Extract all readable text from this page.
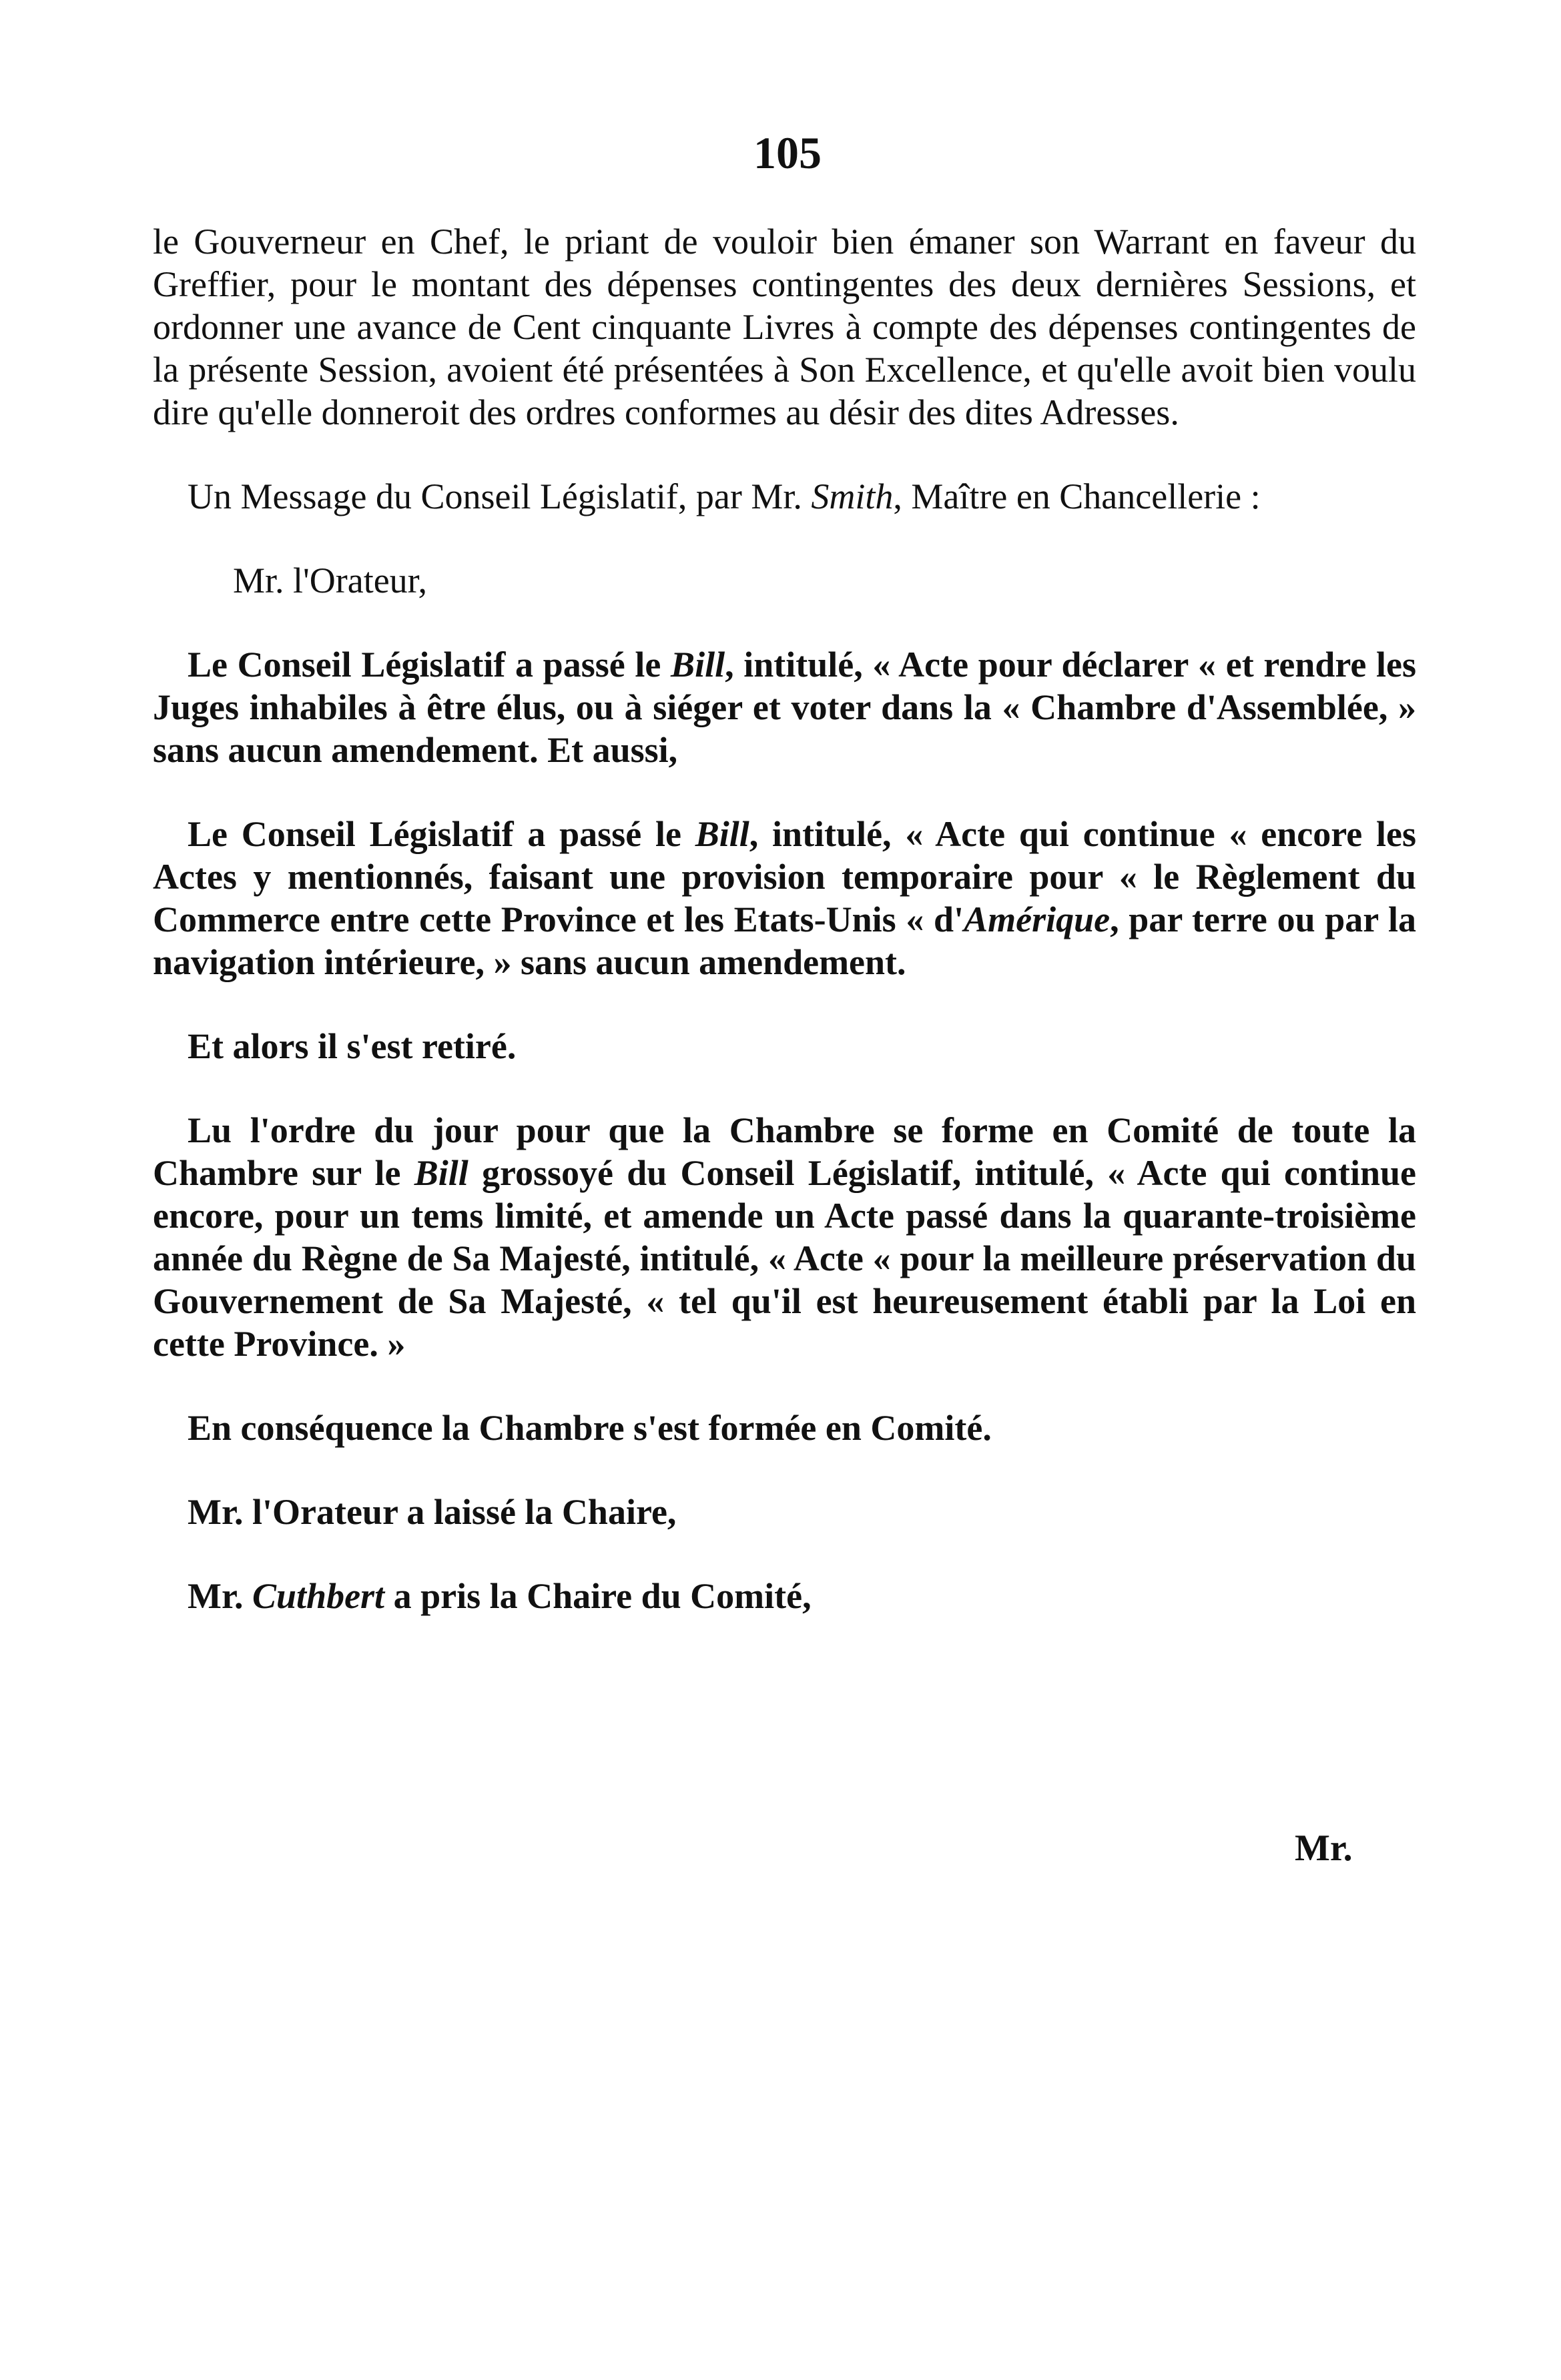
105

le Gouverneur en Chef, le priant de vouloir bien émaner son Warrant en faveur du Greffier, pour le montant des dépenses contingentes des deux dernières Sessions, et ordonner une avance de Cent cinquante Livres à compte des dépenses contingentes de la présente Session, avoient été présentées à Son Excellence, et qu'elle avoit bien voulu dire qu'elle donneroit des ordres conformes au désir des dites Adresses.

Un Message du Conseil Législatif, par Mr. Smith, Maître en Chancellerie :

Mr. l'Orateur,

Le Conseil Législatif a passé le Bill, intitulé, « Acte pour déclarer « et rendre les Juges inhabiles à être élus, ou à siéger et voter dans la « Chambre d'Assemblée, » sans aucun amendement. Et aussi,

Le Conseil Législatif a passé le Bill, intitulé, « Acte qui continue « encore les Actes y mentionnés, faisant une provision temporaire pour « le Règlement du Commerce entre cette Province et les Etats-Unis « d'Amérique, par terre ou par la navigation intérieure, » sans aucun amendement.

Et alors il s'est retiré.

Lu l'ordre du jour pour que la Chambre se forme en Comité de toute la Chambre sur le Bill grossoyé du Conseil Législatif, intitulé, « Acte qui continue encore, pour un tems limité, et amende un Acte passé dans la quarante-troisième année du Règne de Sa Majesté, intitulé, « Acte « pour la meilleure préservation du Gouvernement de Sa Majesté, « tel qu'il est heureusement établi par la Loi en cette Province. »

En conséquence la Chambre s'est formée en Comité.

Mr. l'Orateur a laissé la Chaire,

Mr. Cuthbert a pris la Chaire du Comité,

Mr.
